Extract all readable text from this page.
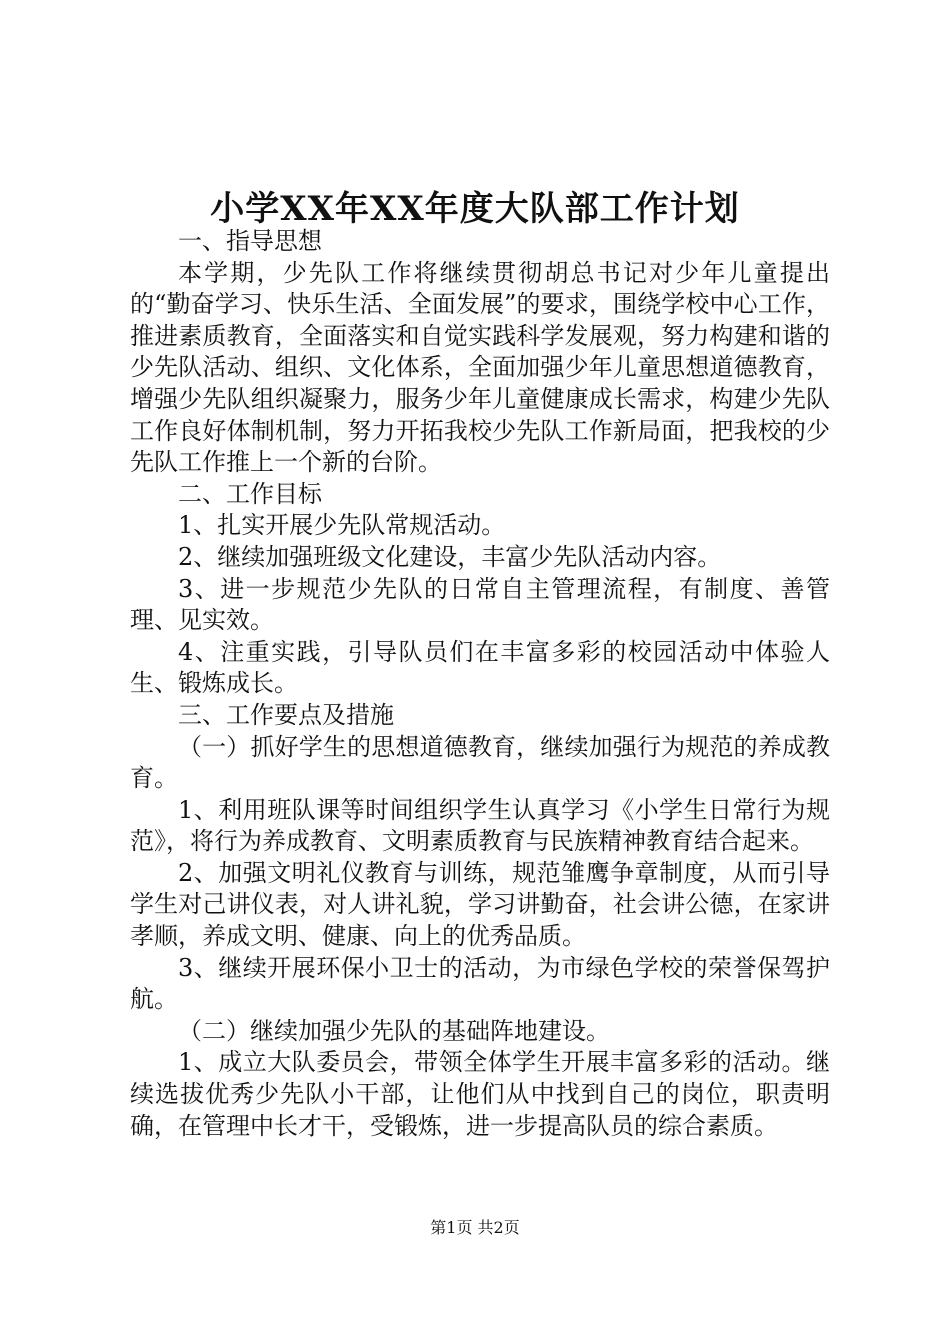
小学XX年XX年度大队部工作计划

一、指导思想

本学期，少先队工作将继续贯彻胡总书记对少年儿童提出的“勤奋学习、快乐生活、全面发展”的要求，围绕学校中心工作，推进素质教育，全面落实和自觉实践科学发展观，努力构建和谐的少先队活动、组织、文化体系，全面加强少年儿童思想道德教育，增强少先队组织凝聚力，服务少年儿童健康成长需求，构建少先队工作良好体制机制，努力开拓我校少先队工作新局面，把我校的少先队工作推上一个新的台阶。

二、工作目标

1、扎实开展少先队常规活动。

2、继续加强班级文化建设，丰富少先队活动内容。

3、进一步规范少先队的日常自主管理流程，有制度、善管理、见实效。

4、注重实践，引导队员们在丰富多彩的校园活动中体验人生、锻炼成长。

三、工作要点及措施

（一）抓好学生的思想道德教育，继续加强行为规范的养成教育。

1、利用班队课等时间组织学生认真学习《小学生日常行为规范》，将行为养成教育、文明素质教育与民族精神教育结合起来。

2、加强文明礼仪教育与训练，规范雏鹰争章制度，从而引导学生对己讲仪表，对人讲礼貌，学习讲勤奋，社会讲公德，在家讲孝顺，养成文明、健康、向上的优秀品质。

3、继续开展环保小卫士的活动，为市绿色学校的荣誉保驾护航。

（二）继续加强少先队的基础阵地建设。

1、成立大队委员会，带领全体学生开展丰富多彩的活动。继续选拔优秀少先队小干部，让他们从中找到自己的岗位，职责明确，在管理中长才干，受锻炼，进一步提高队员的综合素质。

第1页 共2页
